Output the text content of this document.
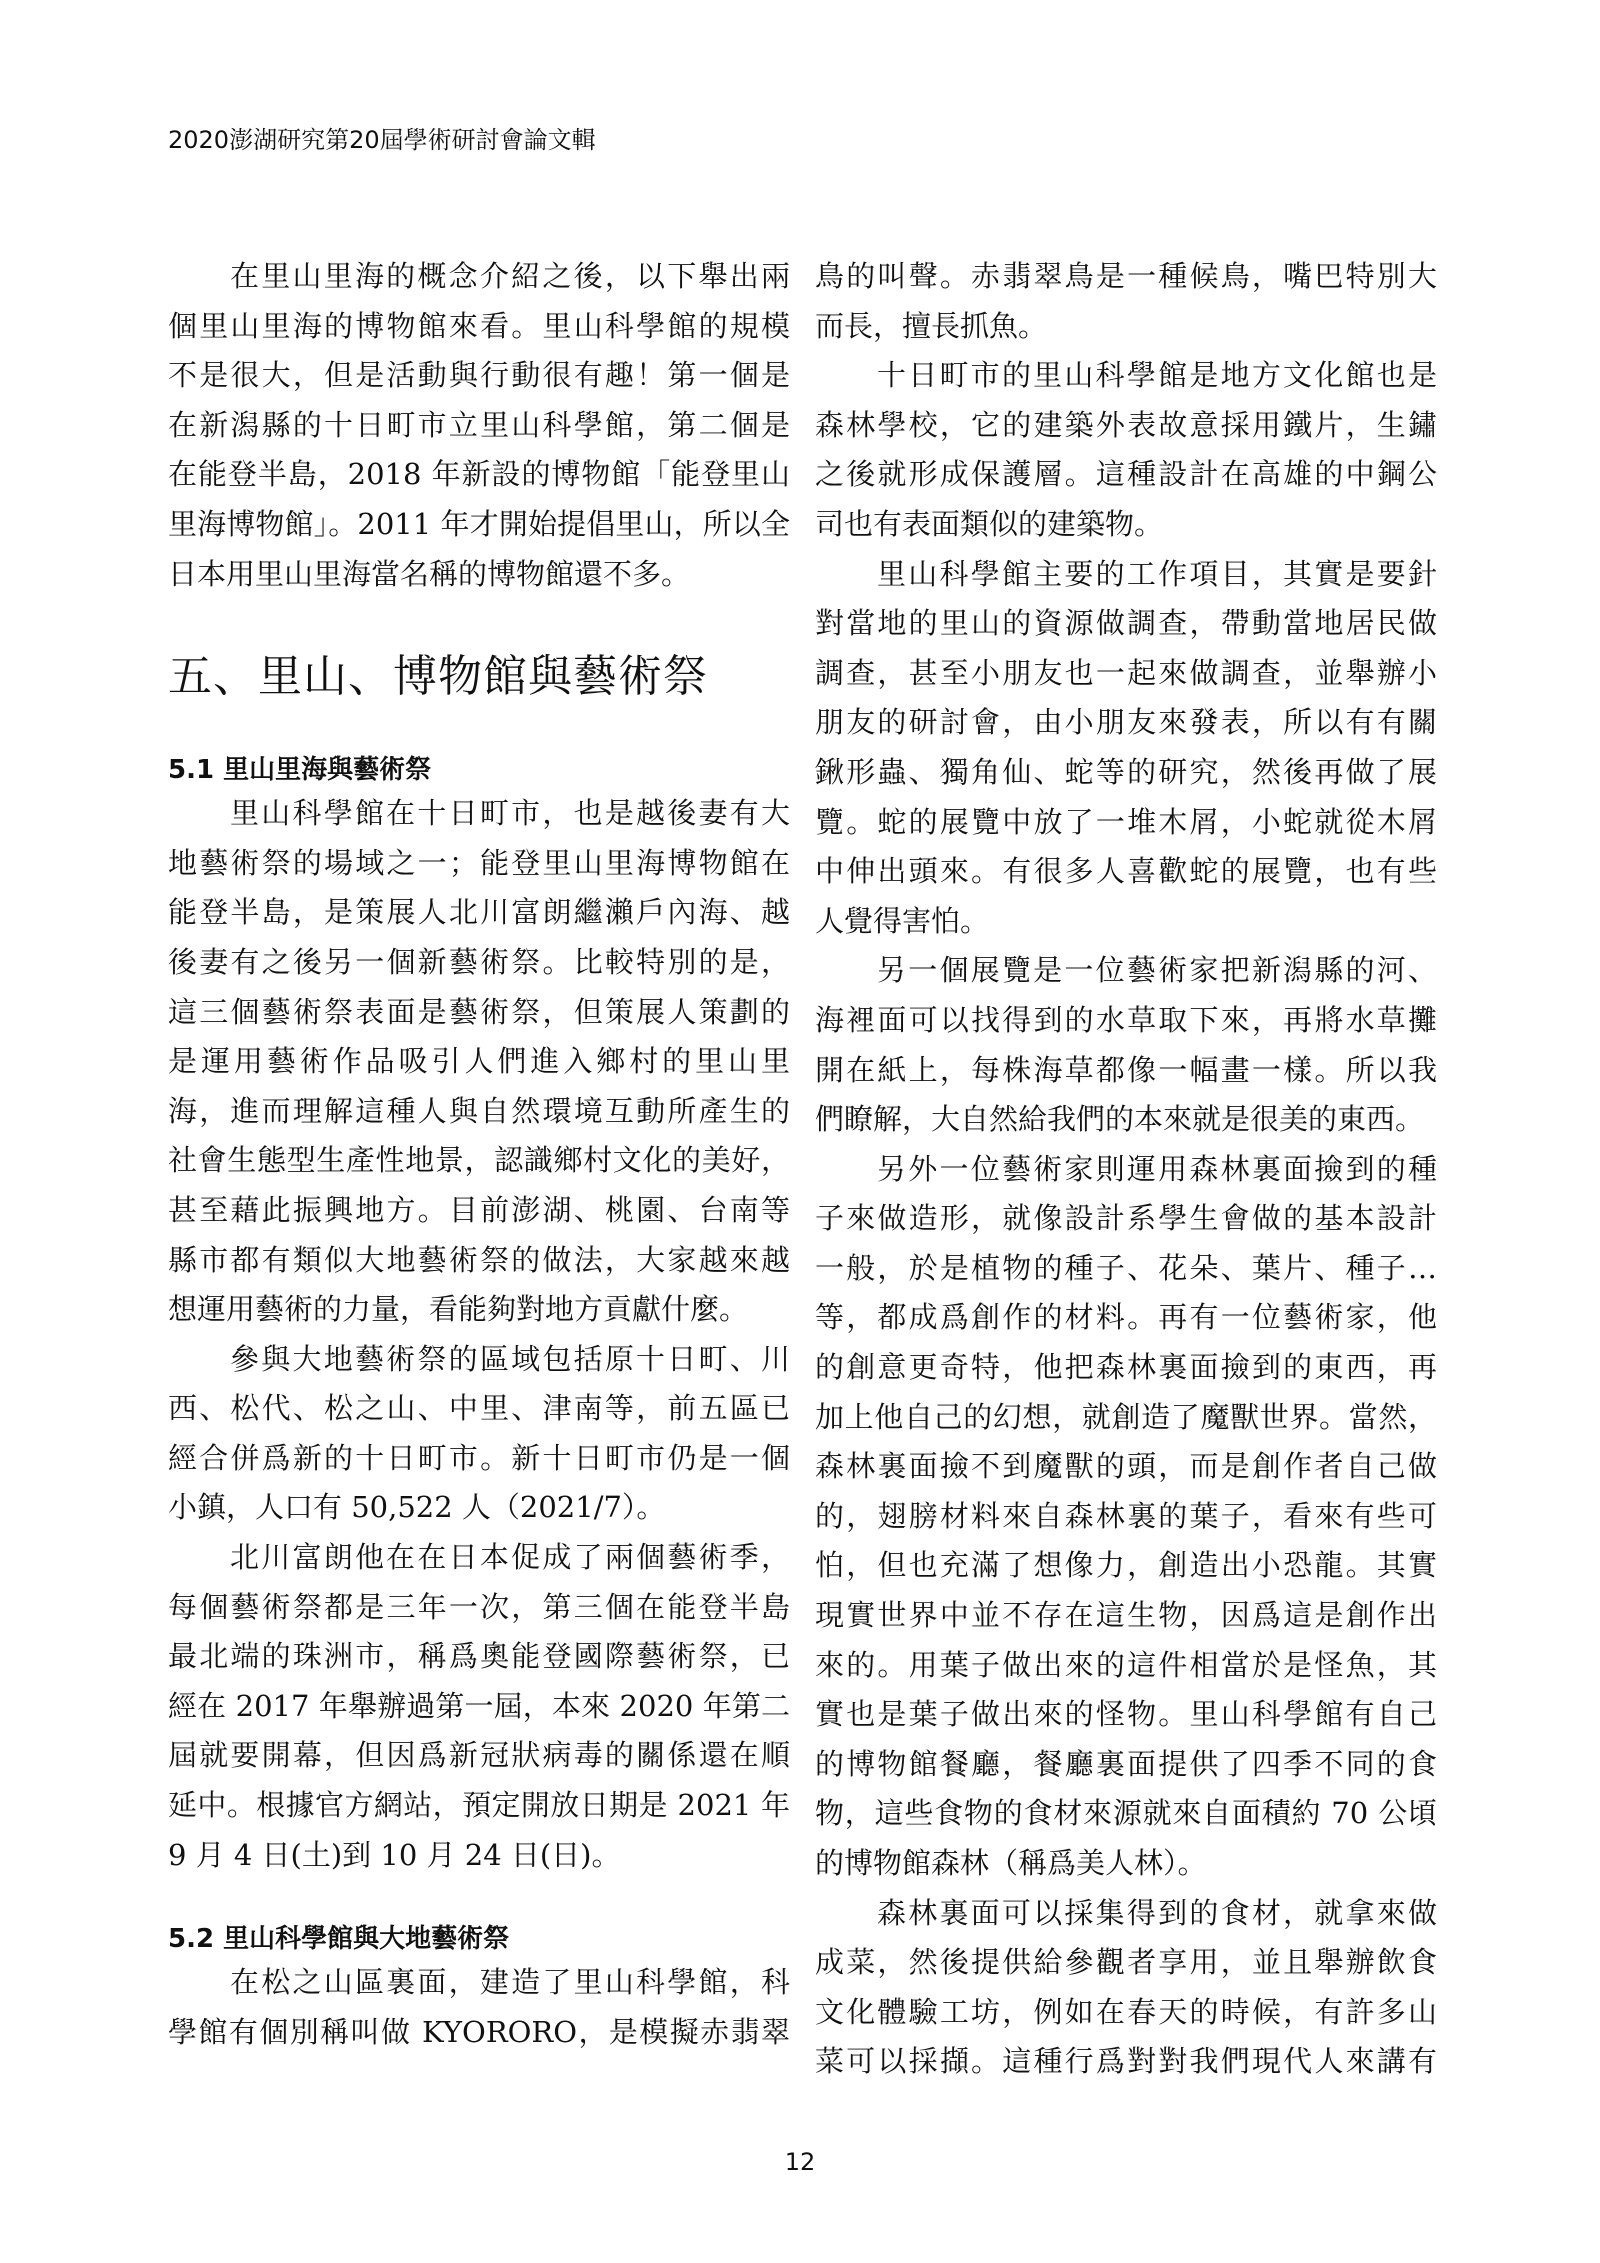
2020澎湖研究第20屆學術研討會論文輯
在里山里海的概念介紹之後，以下舉出兩
個里山里海的博物館來看。里山科學館的規模
不是很大，但是活動與行動很有趣！第一個是
在新潟縣的十日町市立里山科學館，第二個是
在能登半島，2018 年新設的博物館「能登里山
里海博物館」。2011 年才開始提倡里山，所以全
日本用里山里海當名稱的博物館還不多。
五、里山、博物館與藝術祭
5.1 里山里海與藝術祭
里山科學館在十日町市，也是越後妻有大
地藝術祭的場域之一；能登里山里海博物館在
能登半島，是策展人北川富朗繼瀨戶內海、越
後妻有之後另一個新藝術祭。比較特別的是，
這三個藝術祭表面是藝術祭，但策展人策劃的
是運用藝術作品吸引人們進入鄉村的里山里
海，進而理解這種人與自然環境互動所產生的
社會生態型生產性地景，認識鄉村文化的美好，
甚至藉此振興地方。目前澎湖、桃園、台南等
縣市都有類似大地藝術祭的做法，大家越來越
想運用藝術的力量，看能夠對地方貢獻什麼。
參與大地藝術祭的區域包括原十日町、川
西、松代、松之山、中里、津南等，前五區已
經合併爲新的十日町市。新十日町市仍是一個
小鎮，人口有 50,522 人（2021/7）。
北川富朗他在在日本促成了兩個藝術季，
每個藝術祭都是三年一次，第三個在能登半島
最北端的珠洲市，稱爲奧能登國際藝術祭，已
經在 2017 年舉辦過第一屆，本來 2020 年第二
屆就要開幕，但因爲新冠狀病毒的關係還在順
延中。根據官方網站，預定開放日期是 2021 年
9 月 4 日(土)到 10 月 24 日(日)。
5.2 里山科學館與大地藝術祭
在松之山區裏面，建造了里山科學館，科
學館有個別稱叫做 KYORORO，是模擬赤翡翠
鳥的叫聲。赤翡翠鳥是一種候鳥，嘴巴特別大
而長，擅長抓魚。
十日町市的里山科學館是地方文化館也是
森林學校，它的建築外表故意採用鐵片，生鏽
之後就形成保護層。這種設計在高雄的中鋼公
司也有表面類似的建築物。
里山科學館主要的工作項目，其實是要針
對當地的里山的資源做調查，帶動當地居民做
調查，甚至小朋友也一起來做調查，並舉辦小
朋友的研討會，由小朋友來發表，所以有有關
鍬形蟲、獨角仙、蛇等的研究，然後再做了展
覽。蛇的展覽中放了一堆木屑，小蛇就從木屑
中伸出頭來。有很多人喜歡蛇的展覽，也有些
人覺得害怕。
另一個展覽是一位藝術家把新潟縣的河、
海裡面可以找得到的水草取下來，再將水草攤
開在紙上，每株海草都像一幅畫一樣。所以我
們瞭解，大自然給我們的本來就是很美的東西。
另外一位藝術家則運用森林裏面撿到的種
子來做造形，就像設計系學生會做的基本設計
一般，於是植物的種子、花朵、葉片、種子…
等，都成爲創作的材料。再有一位藝術家，他
的創意更奇特，他把森林裏面撿到的東西，再
加上他自己的幻想，就創造了魔獸世界。當然，
森林裏面撿不到魔獸的頭，而是創作者自己做
的，翅膀材料來自森林裏的葉子，看來有些可
怕，但也充滿了想像力，創造出小恐龍。其實
現實世界中並不存在這生物，因爲這是創作出
來的。用葉子做出來的這件相當於是怪魚，其
實也是葉子做出來的怪物。里山科學館有自己
的博物館餐廳，餐廳裏面提供了四季不同的食
物，這些食物的食材來源就來自面積約 70 公頃
的博物館森林（稱爲美人林）。
森林裏面可以採集得到的食材，就拿來做
成菜，然後提供給參觀者享用，並且舉辦飲食
文化體驗工坊，例如在春天的時候，有許多山
菜可以採擷。這種行爲對對我們現代人來講有
12
